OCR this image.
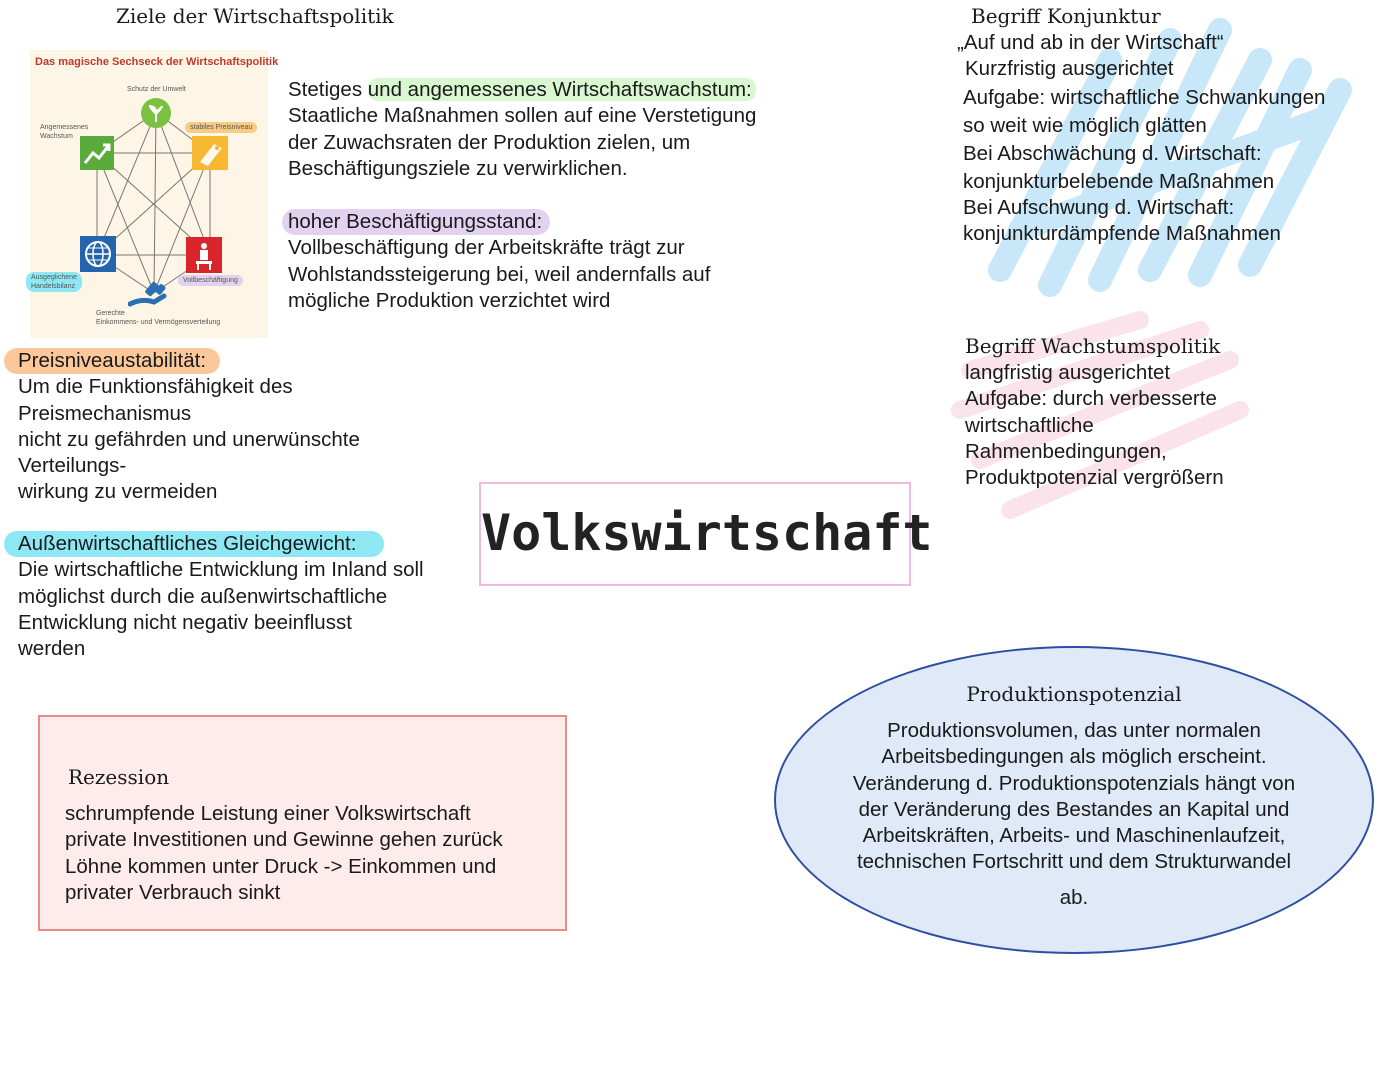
Ziele der Wirtschaftspolitik
Das magische Sechseck der Wirtschaftspolitik
Schutz der Umwelt
Angemessenes
Wachstum
stabiles Preisniveau
Ausgeglichene
Handelsbilanz
Vollbeschäftigung
Gerechte
Einkommens- und Vermögensverteilung
Stetiges und angemessenes Wirtschaftswachstum:
Staatliche Maßnahmen sollen auf eine Verstetigung
der Zuwachsraten der Produktion zielen, um
Beschäftigungsziele zu verwirklichen.
hoher Beschäftigungsstand:
Vollbeschäftigung der Arbeitskräfte trägt zur
Wohlstandssteigerung bei, weil andernfalls auf
mögliche Produktion verzichtet wird
Preisniveaustabilität:
Um die Funktionsfähigkeit des
Preismechanismus
nicht zu gefährden und unerwünschte
Verteilungs-
wirkung zu vermeiden
Außenwirtschaftliches Gleichgewicht:
Die wirtschaftliche Entwicklung im Inland soll
möglichst durch die außenwirtschaftliche
Entwicklung nicht negativ beeinflusst
werden
Begriff Konjunktur
„Auf und ab in der Wirtschaft“
Kurzfristig ausgerichtet
Aufgabe: wirtschaftliche Schwankungen
so weit wie möglich glätten
Bei Abschwächung d. Wirtschaft:
konjunkturbelebende Maßnahmen
Bei Aufschwung d. Wirtschaft:
konjunkturdämpfende Maßnahmen
Begriff Wachstumspolitik
langfristig ausgerichtet
Aufgabe: durch verbesserte
wirtschaftliche
Rahmenbedingungen,
Produktpotenzial vergrößern
Volkswirtschaft
Rezession
schrumpfende Leistung einer Volkswirtschaft
private Investitionen und Gewinne gehen zurück
Löhne kommen unter Druck -> Einkommen und
privater Verbrauch sinkt
Produktionspotenzial
Produktionsvolumen, das unter normalen
Arbeitsbedingungen als möglich erscheint.
Veränderung d. Produktionspotenzials hängt von
der Veränderung des Bestandes an Kapital und
Arbeitskräften, Arbeits- und Maschinenlaufzeit,
technischen Fortschritt und dem Strukturwandel
ab.
